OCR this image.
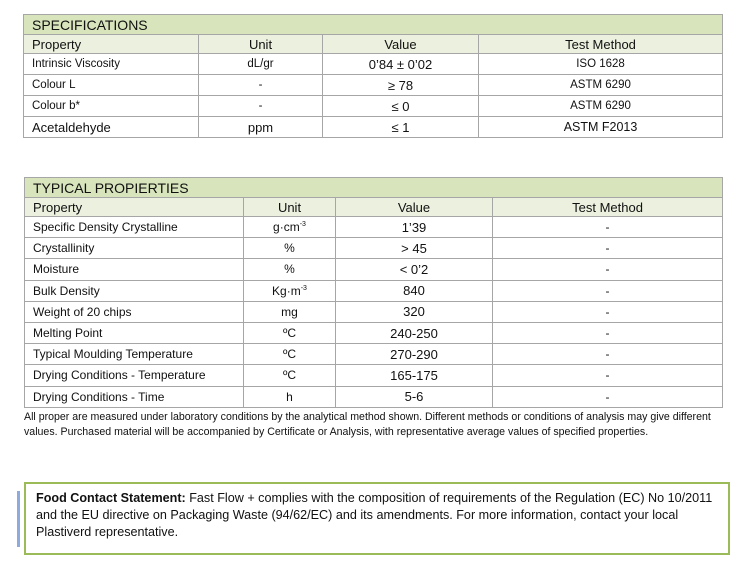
SPECIFICATIONS			
Property	Unit	Value	Test Method
Intrinsic Viscosity	dL/gr	0’84 ± 0’02	ISO 1628
Colour L	-	≥ 78	ASTM 6290
Colour b*	-	≤ 0	ASTM 6290
Acetaldehyde	ppm	≤ 1	ASTM F2013
TYPICAL PROPIERTIES			
Property	Unit	Value	Test Method
Specific Density Crystalline	$g\cdot cm^{-3}$	1’39	-
Crystallinity	%	> 45	-
Moisture	%	< 0’2	-
Bulk Density	$Kg\cdot m^{-3}$	840	-
Weight of 20 chips	mg	320	-
Melting Point	ºC	240-250	-
Typical Moulding Temperature	ºC	270-290	-
Drying Conditions - Temperature	ºC	165-175	-
Drying Conditions - Time	h	5-6	-
All proper are measured under laboratory conditions by the analytical method shown. Different methods or conditions of analysis may give different values. Purchased material will be accompanied by Certificate or Analysis, with representative average values of specified properties.
Food Contact Statement: Fast Flow + complies with the composition of requirements of the Regulation (EC) No 10/2011 and the EU directive on Packaging Waste (94/62/EC) and its amendments. For more information, contact your local Plastiverd representative.
